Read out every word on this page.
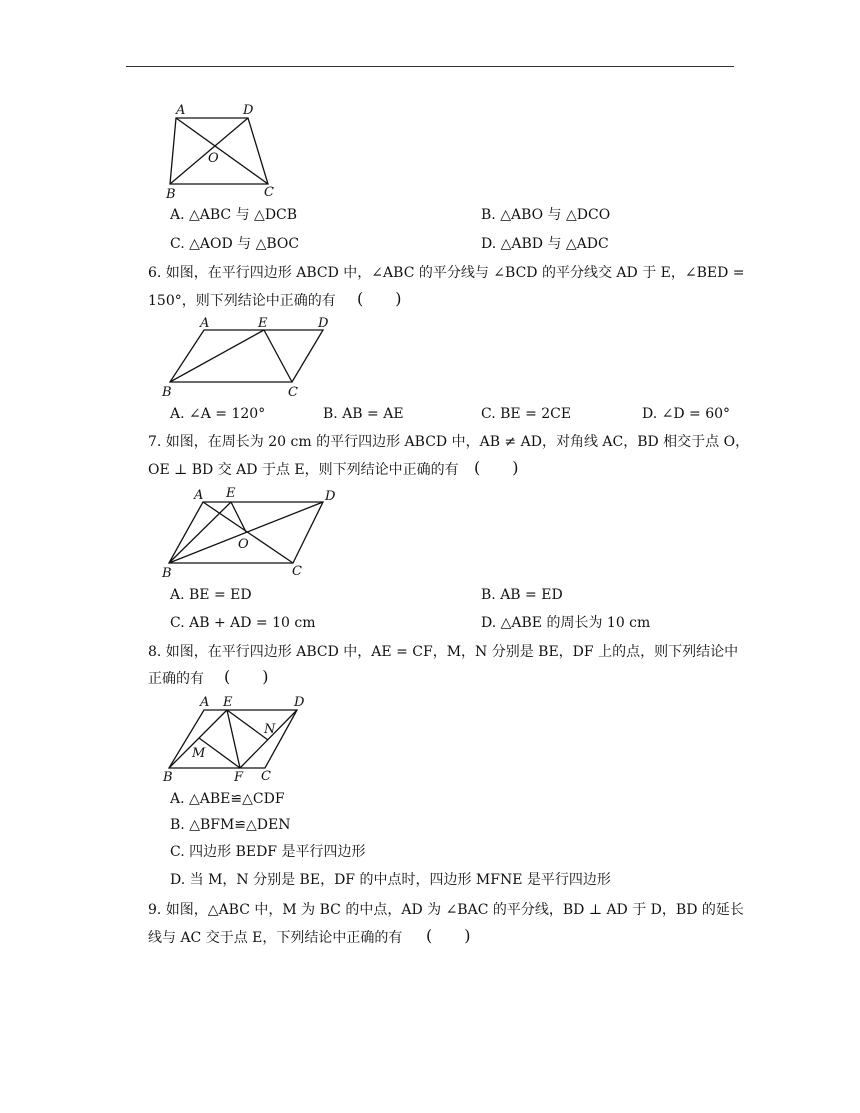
A	D
O
B	C
A. △ABC 与 △DCB	B. △ABO 与 △DCO
C. △AOD 与 △BOC	D. △ABD 与 △ADC
6. 如图，在平行四边形 ABCD 中，∠ABC 的平分线与 ∠BCD 的平分线交 AD 于 E，∠BED =
150°，则下列结论中正确的有 (　　)
A	E	D
B	C
A. ∠A = 120°	B. AB = AE	C. BE = 2CE	D. ∠D = 60°
7. 如图，在周长为 20 cm 的平行四边形 ABCD 中，AB ≠ AD，对角线 AC，BD 相交于点 O，
OE ⊥ BD 交 AD 于点 E，则下列结论中正确的有 (　　)
A E	D
O
B	C
A. BE = ED	B. AB = ED
C. AB + AD = 10 cm	D. △ABE 的周长为 10 cm
8. 如图，在平行四边形 ABCD 中，AE = CF，M，N 分别是 BE，DF 上的点，则下列结论中
正确的有 (　　)
A E	D
N
M
B	F C
A. △ABE≌△CDF
B. △BFM≌△DEN
C. 四边形 BEDF 是平行四边形
D. 当 M，N 分别是 BE，DF 的中点时，四边形 MFNE 是平行四边形
9. 如图，△ABC 中，M 为 BC 的中点，AD 为 ∠BAC 的平分线，BD ⊥ AD 于 D，BD 的延长
线与 AC 交于点 E，下列结论中正确的有 (　　)
